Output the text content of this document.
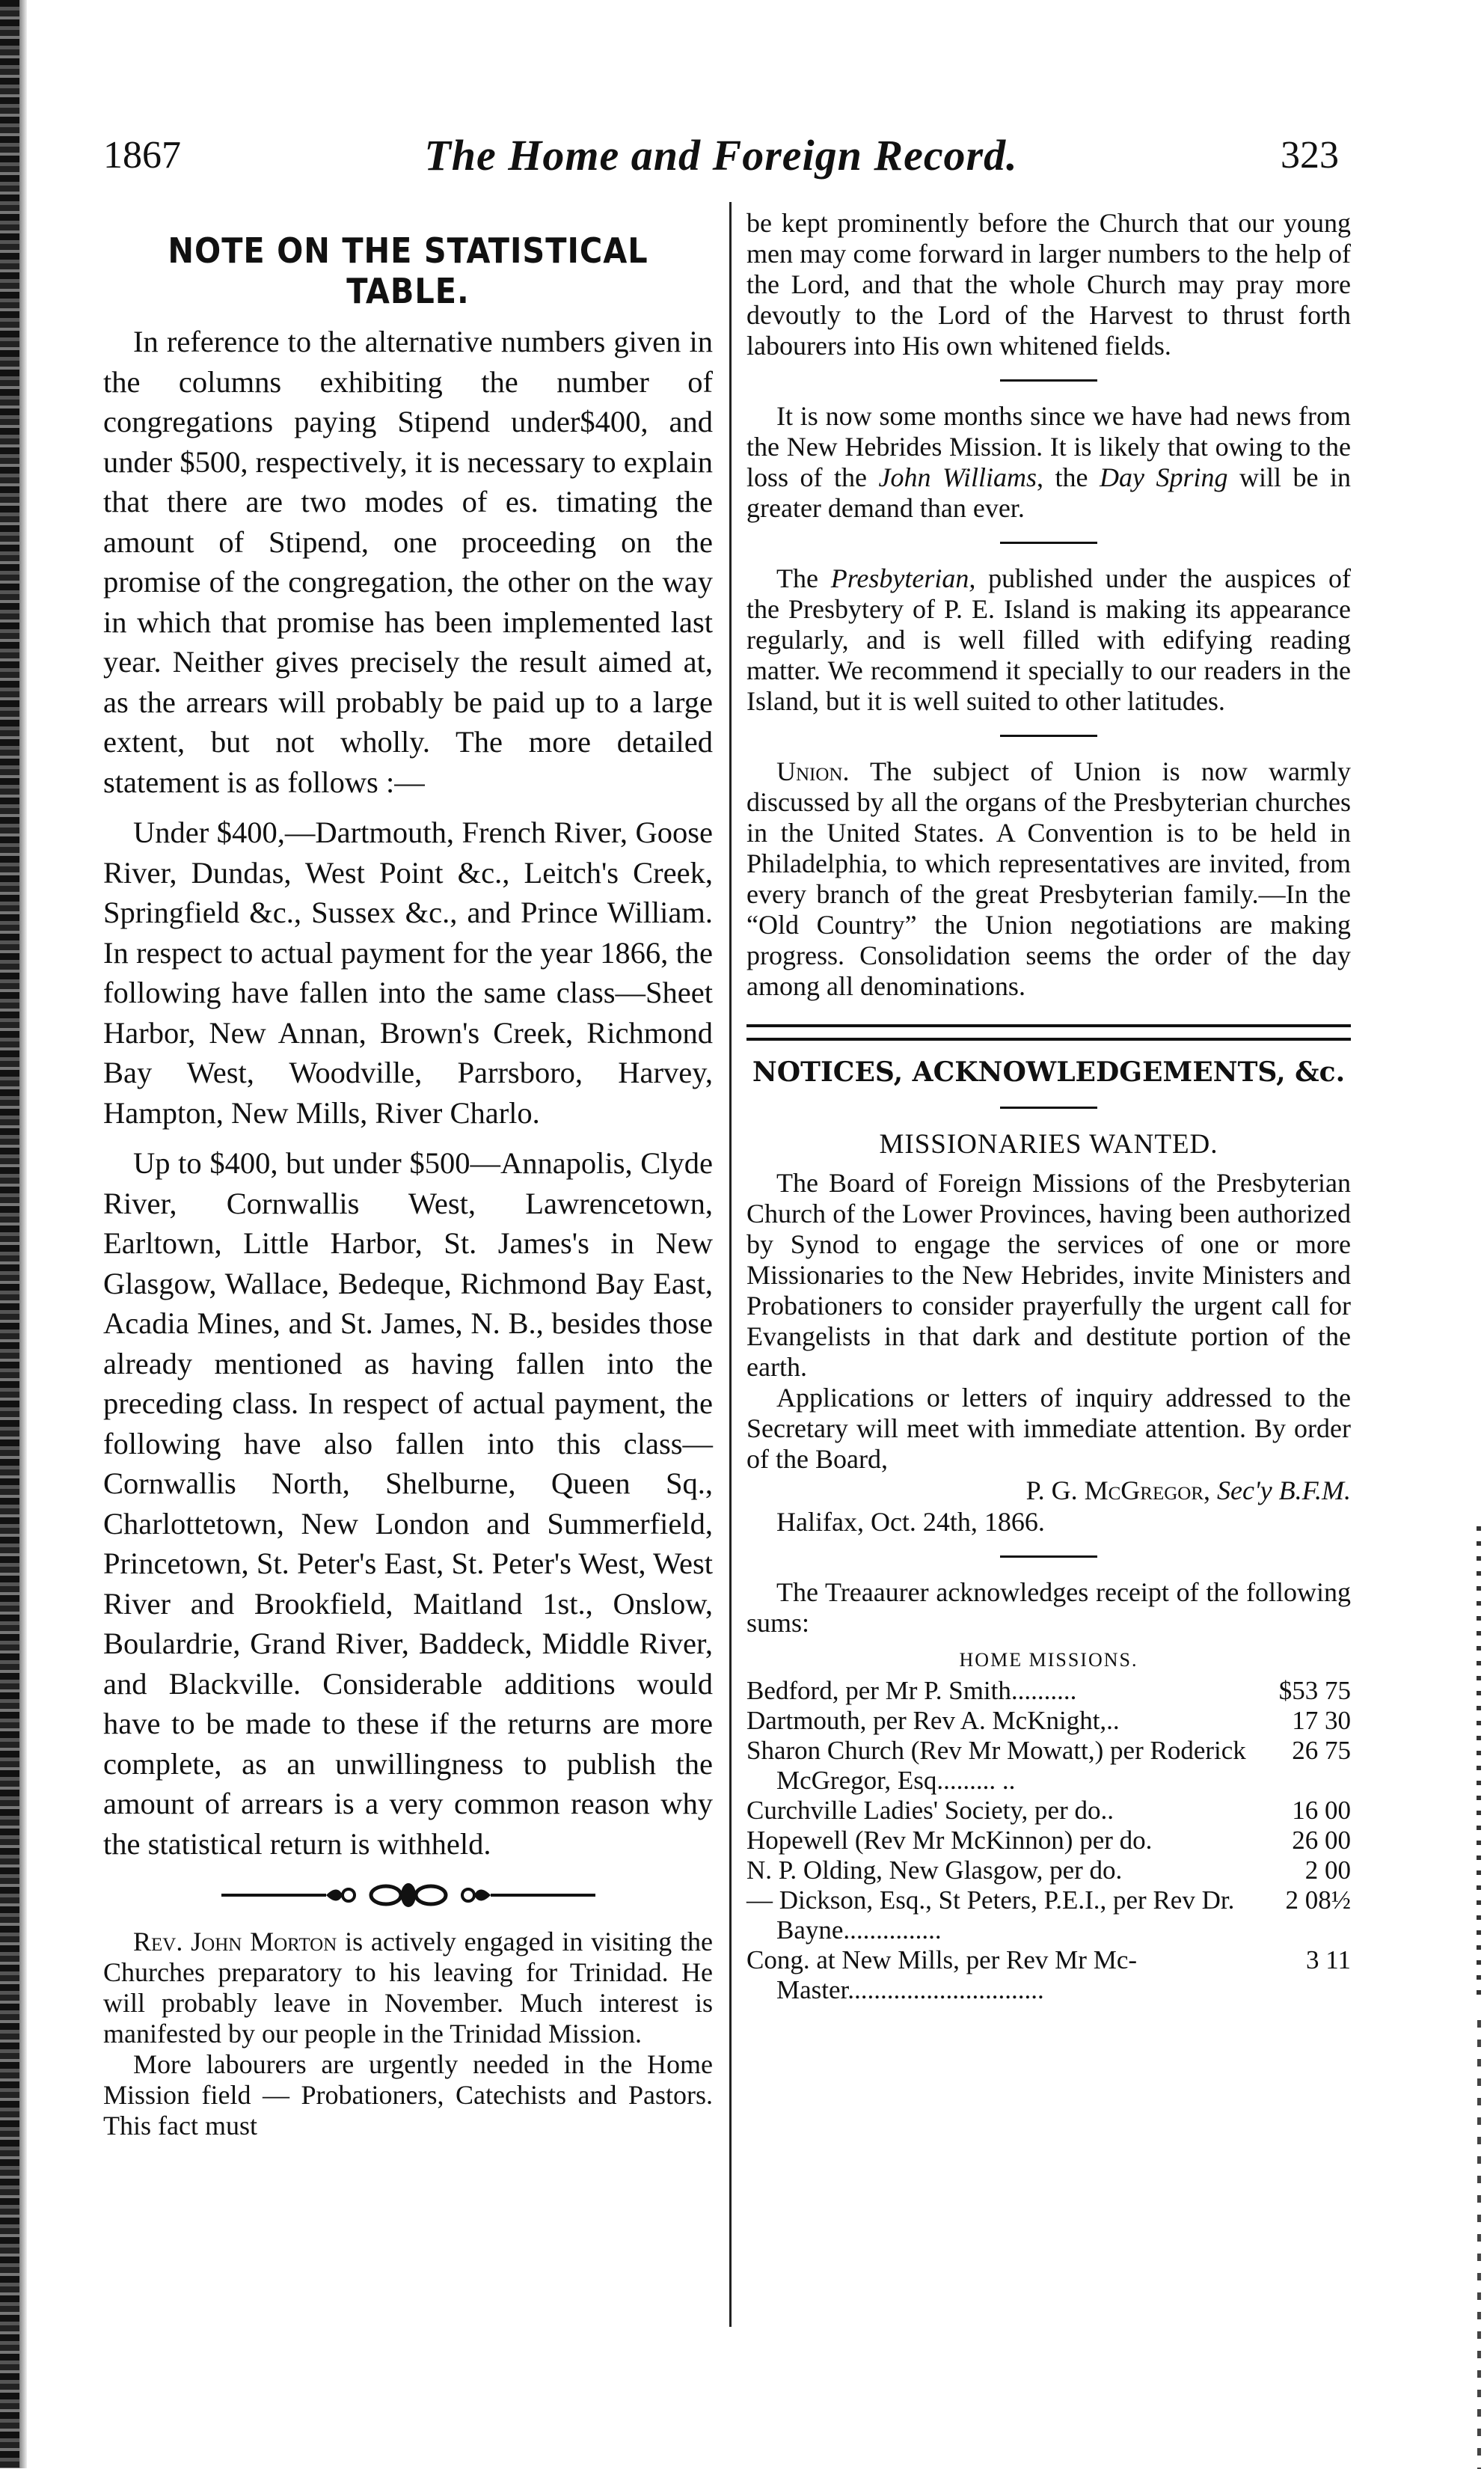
1867	The Home and Foreign Record.	323
NOTE ON THE STATISTICAL TABLE.

In reference to the alternative numbers given in the columns exhibiting the number of congregations paying Stipend under$400, and under $500, respectively, it is necessary to explain that there are two modes of es. timating the amount of Stipend, one proceeding on the promise of the congregation, the other on the way in which that promise has been implemented last year. Neither gives precisely the result aimed at, as the arrears will probably be paid up to a large extent, but not wholly. The more detailed statement is as follows :—

Under $400,—Dartmouth, French River, Goose River, Dundas, West Point &c., Leitch's Creek, Springfield &c., Sussex &c., and Prince William. In respect to actual payment for the year 1866, the following have fallen into the same class—Sheet Harbor, New Annan, Brown's Creek, Richmond Bay West, Woodville, Parrsboro, Harvey, Hampton, New Mills, River Charlo.

Up to $400, but under $500—Annapolis, Clyde River, Cornwallis West, Lawrencetown, Earltown, Little Harbor, St. James's in New Glasgow, Wallace, Bedeque, Richmond Bay East, Acadia Mines, and St. James, N. B., besides those already mentioned as having fallen into the preceding class. In respect of actual payment, the following have also fallen into this class—Cornwallis North, Shelburne, Queen Sq., Charlottetown, New London and Summerfield, Princetown, St. Peter's East, St. Peter's West, West River and Brookfield, Maitland 1st., Onslow, Boulardrie, Grand River, Baddeck, Middle River, and Blackville. Considerable additions would have to be made to these if the returns are more complete, as an unwillingness to publish the amount of arrears is a very common reason why the statistical return is withheld.

Rev. John Morton is actively engaged in visiting the Churches preparatory to his leaving for Trinidad. He will probably leave in November. Much interest is manifested by our people in the Trinidad Mission.

More labourers are urgently needed in the Home Mission field — Probationers, Catechists and Pastors. This fact must

be kept prominently before the Church that our young men may come forward in larger numbers to the help of the Lord, and that the whole Church may pray more devoutly to the Lord of the Harvest to thrust forth labourers into His own whitened fields.

It is now some months since we have had news from the New Hebrides Mission. It is likely that owing to the loss of the John Williams, the Day Spring will be in greater demand than ever.

The Presbyterian, published under the auspices of the Presbytery of P. E. Island is making its appearance regularly, and is well filled with edifying reading matter. We recommend it specially to our readers in the Island, but it is well suited to other latitudes.

Union. The subject of Union is now warmly discussed by all the organs of the Presbyterian churches in the United States. A Convention is to be held in Philadelphia, to which representatives are invited, from every branch of the great Presbyterian family.—In the “Old Country” the Union negotiations are making progress. Consolidation seems the order of the day among all denominations.

NOTICES, ACKNOWLEDGEMENTS, &c.
MISSIONARIES WANTED.

The Board of Foreign Missions of the Presbyterian Church of the Lower Provinces, having been authorized by Synod to engage the services of one or more Missionaries to the New Hebrides, invite Ministers and Probationers to consider prayerfully the urgent call for Evangelists in that dark and destitute portion of the earth.

Applications or letters of inquiry addressed to the Secretary will meet with immediate attention. By order of the Board,

P. G. McGregor, Sec'y B.F.M.
Halifax, Oct. 24th, 1866.

The Treaaurer acknowledges receipt of the following sums:

HOME MISSIONS.
Bedford, per Mr P. Smith..........	$53 75
Dartmouth, per Rev A. McKnight,..	17 30
Sharon Church (Rev Mr Mowatt,) per Roderick McGregor, Esq......... ..	26 75
Curchville Ladies' Society, per do..	16 00
Hopewell (Rev Mr McKinnon) per do.	26 00
N. P. Olding, New Glasgow, per do.	2 00
— Dickson, Esq., St Peters, P.E.I., per Rev Dr. Bayne...............	2 08½
Cong. at New Mills, per Rev Mr McMaster..............................	3 11
